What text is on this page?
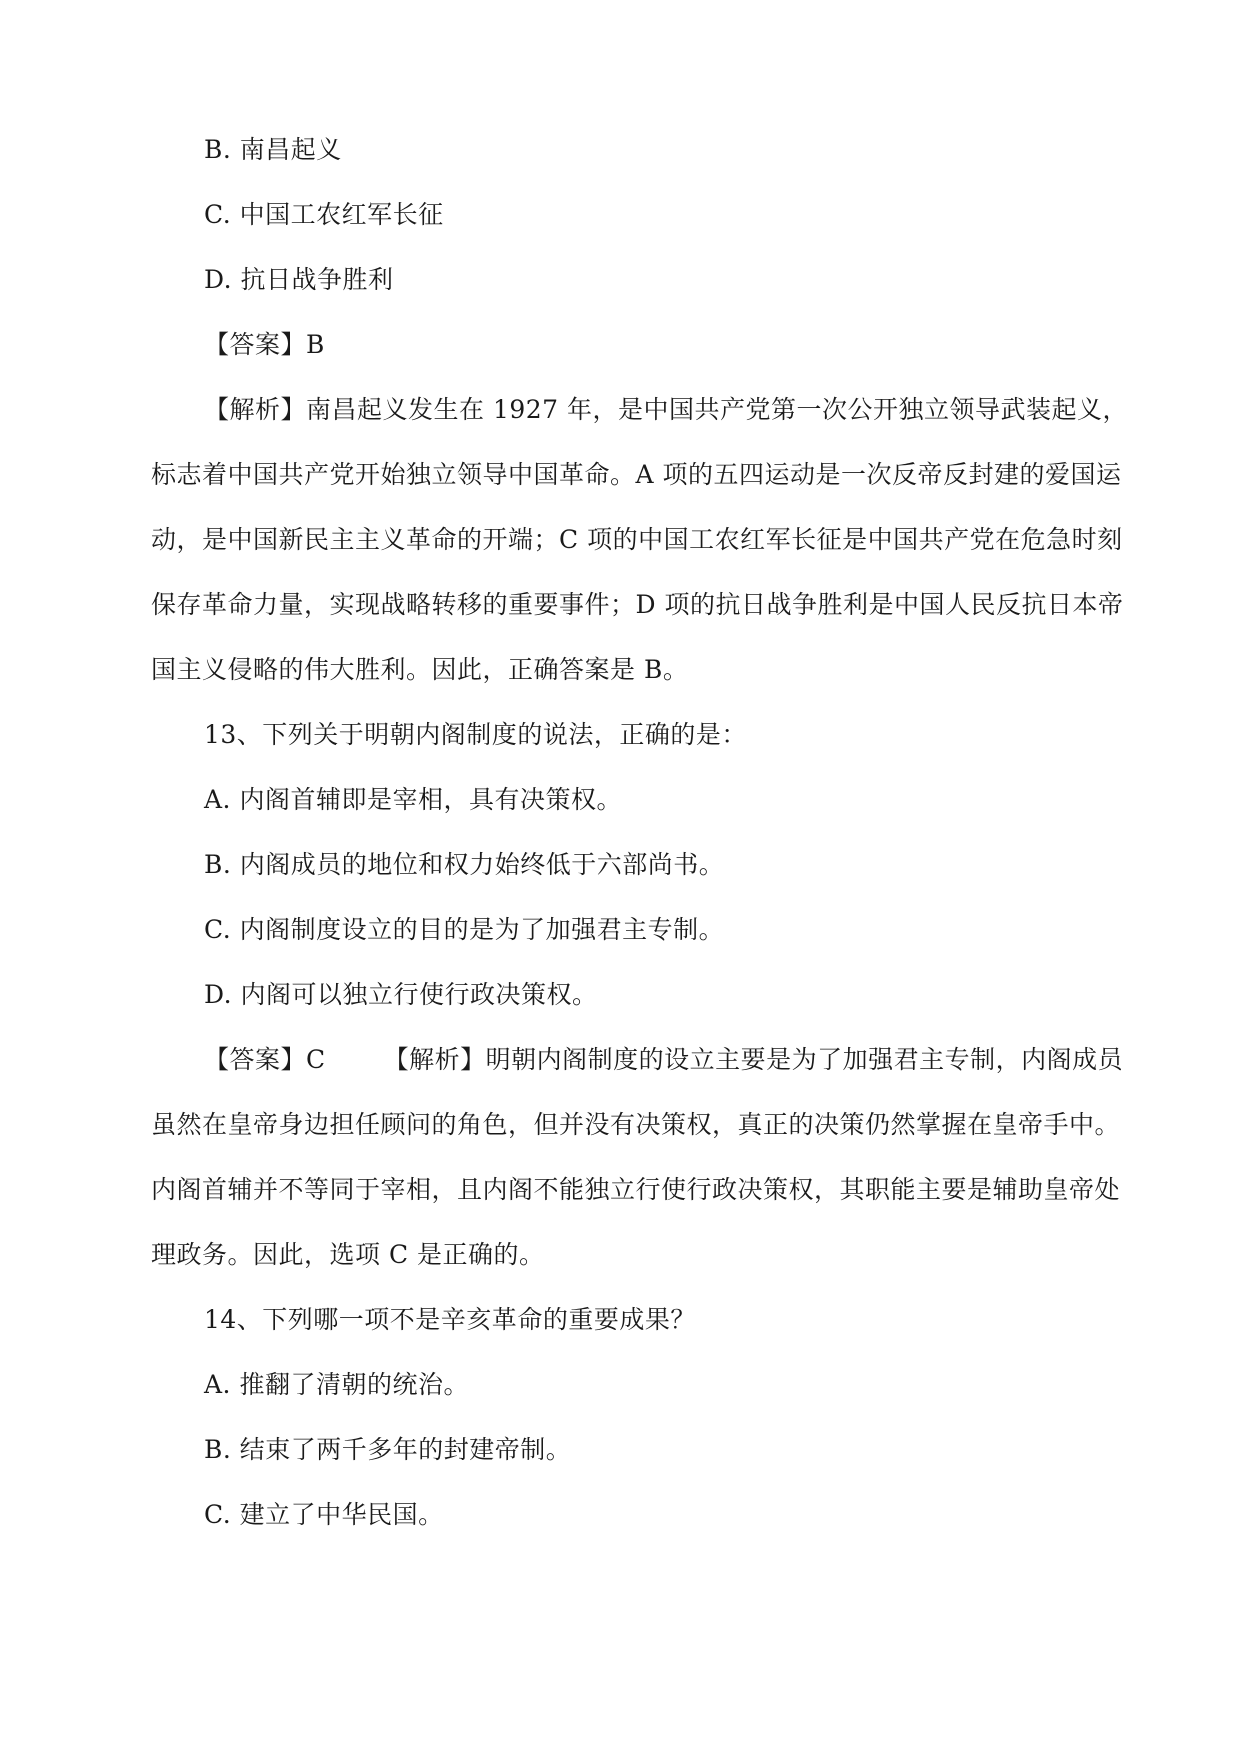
B. 南昌起义
C. 中国工农红军长征
D. 抗日战争胜利
【答案】B
【解析】南昌起义发生在 1927 年，是中国共产党第一次公开独立领导武装起义，
标志着中国共产党开始独立领导中国革命。A 项的五四运动是一次反帝反封建的爱国运
动，是中国新民主主义革命的开端；C 项的中国工农红军长征是中国共产党在危急时刻
保存革命力量，实现战略转移的重要事件；D 项的抗日战争胜利是中国人民反抗日本帝
国主义侵略的伟大胜利。因此，正确答案是 B。
13、下列关于明朝内阁制度的说法，正确的是：
A. 内阁首辅即是宰相，具有决策权。
B. 内阁成员的地位和权力始终低于六部尚书。
C. 内阁制度设立的目的是为了加强君主专制。
D. 内阁可以独立行使行政决策权。
【答案】C 【解析】明朝内阁制度的设立主要是为了加强君主专制，内阁成员
虽然在皇帝身边担任顾问的角色，但并没有决策权，真正的决策仍然掌握在皇帝手中。
内阁首辅并不等同于宰相，且内阁不能独立行使行政决策权，其职能主要是辅助皇帝处
理政务。因此，选项 C 是正确的。
14、下列哪一项不是辛亥革命的重要成果？
A. 推翻了清朝的统治。
B. 结束了两千多年的封建帝制。
C. 建立了中华民国。
